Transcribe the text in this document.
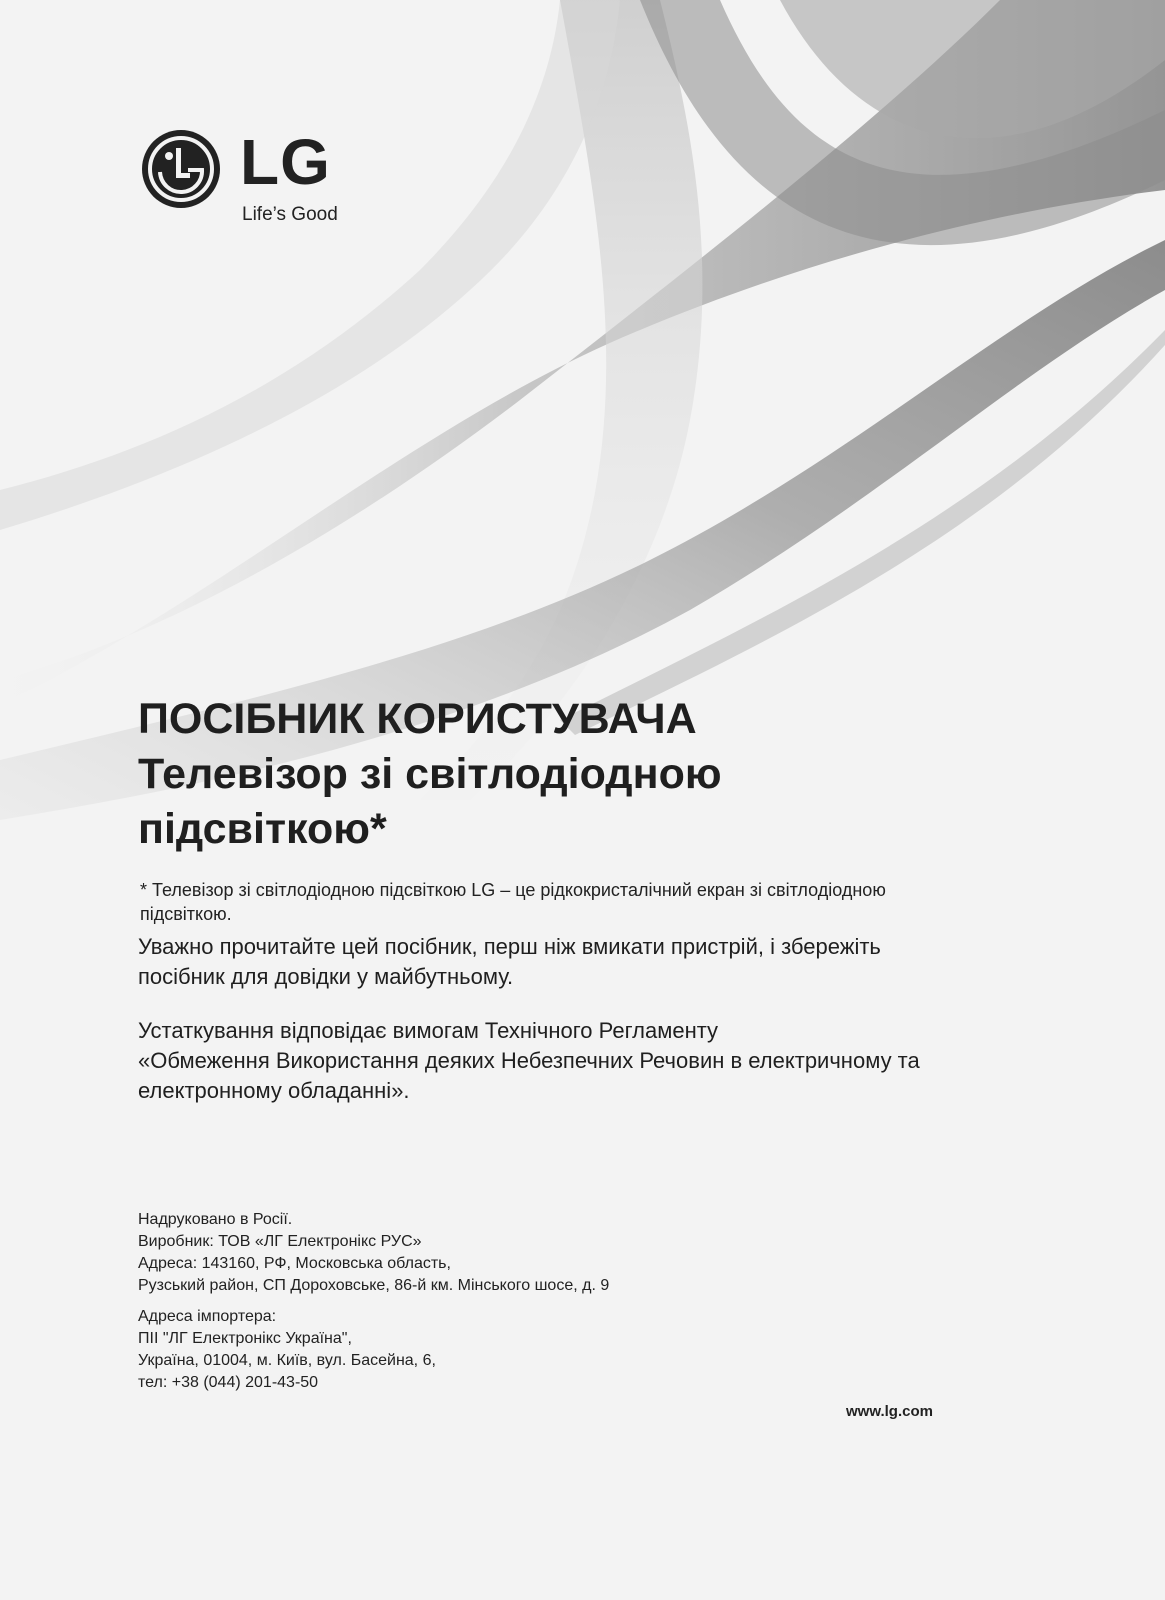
LG
Life’s Good

ПОСІБНИК КОРИСТУВАЧА

Телевізор зі світлодіодною

підсвіткою*

* Телевізор зі світлодіодною підсвіткою LG – це рідкокристалічний екран зі світлодіодною
підсвіткою.
Уважно прочитайте цей посібник, перш ніж вмикати пристрій, і збережіть
посібник для довідки у майбутньому.
Устаткування відповідає вимогам Технічного Регламенту
«Обмеження Використання деяких Небезпечних Речовин в електричному та
електронному обладанні».
Надруковано в Росії.
Виробник: ТОВ «ЛГ Електронікс РУС»
Адреса: 143160, РФ, Московська область,
Рузський район, СП Дороховське, 86-й км. Мінського шосе, д. 9
Адреса імпортера:
ПІІ "ЛГ Електронікс Україна",
Україна, 01004, м. Київ, вул. Басейна, 6,
тел: +38 (044) 201-43-50
www.lg.com
